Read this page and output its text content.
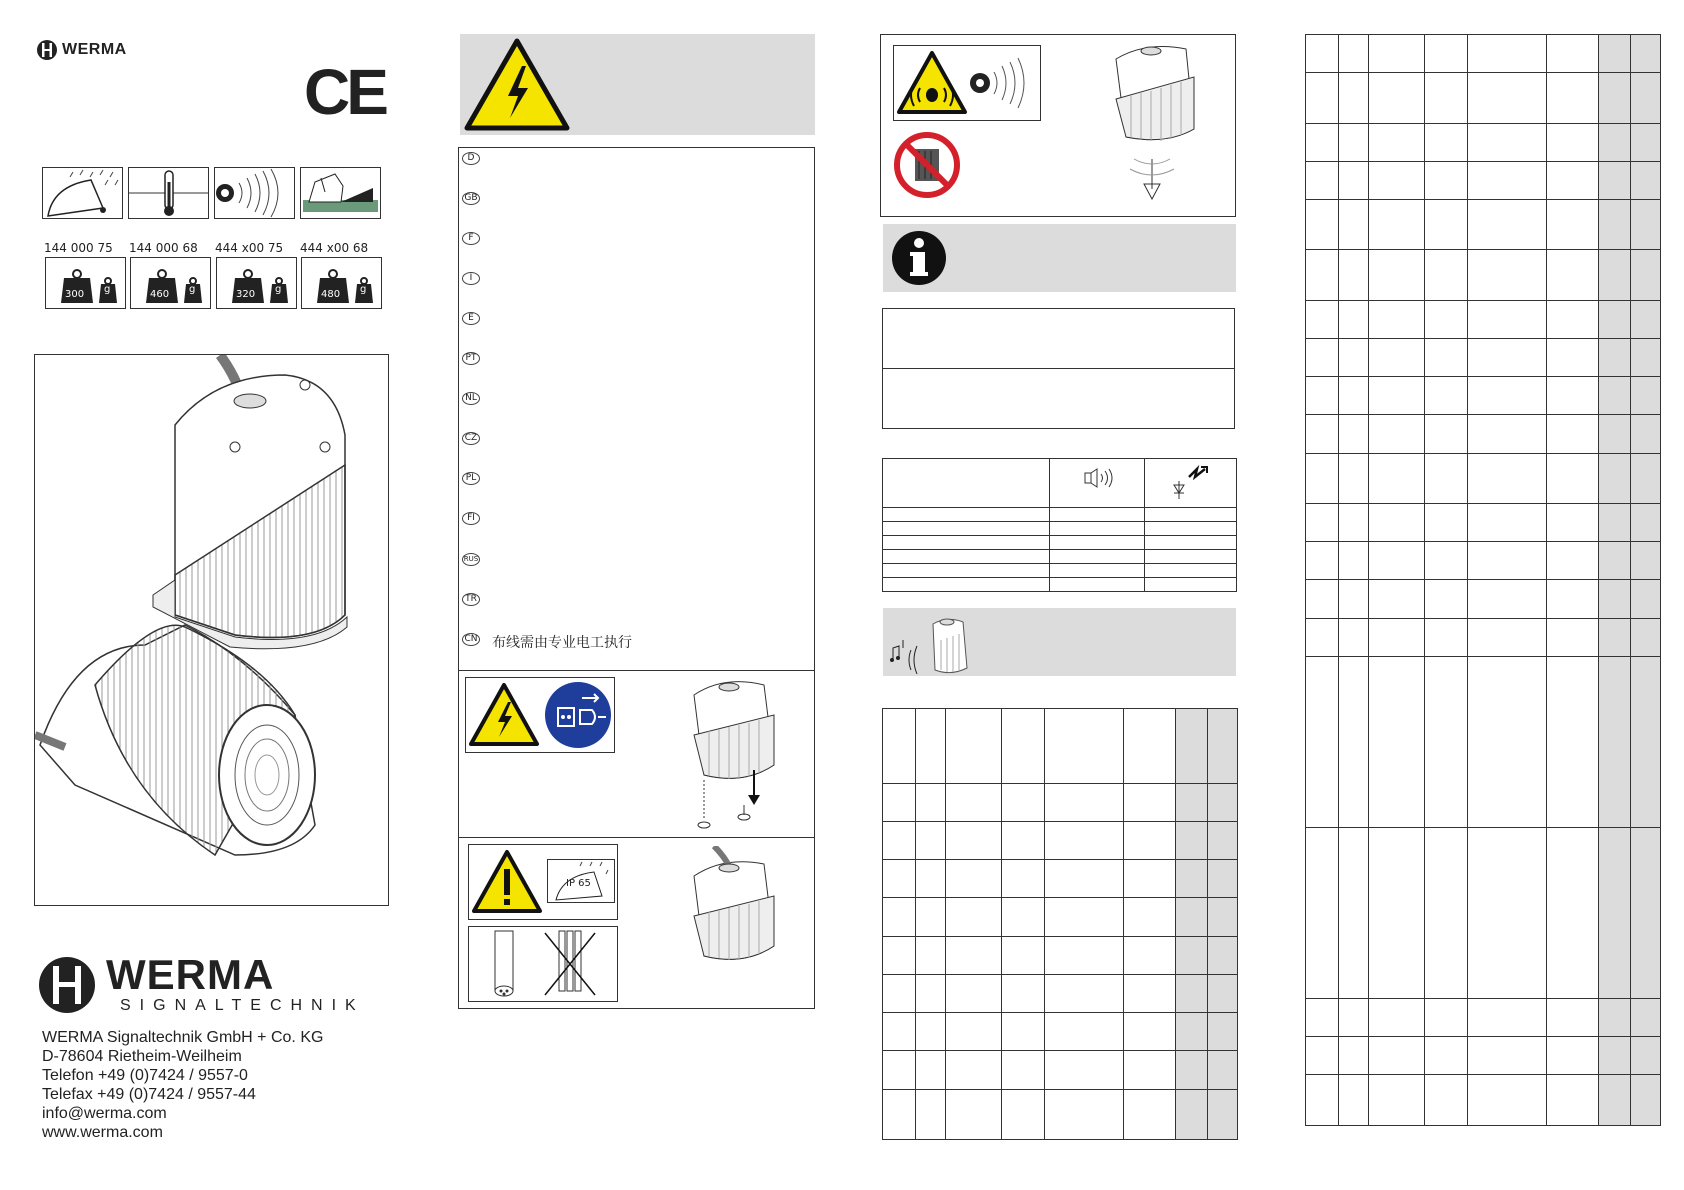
WERMA
CE
144 000 75 144 000 68 444 x00 75 444 x00 68
300 g	460 g	320 g	480 g
WERMA
SIGNALTECHNIK
WERMA Signaltechnik GmbH + Co. KG
D-78604 Rietheim-Weilheim
Telefon +49 (0)7424 / 9557-0
Telefax +49 (0)7424 / 9557-44
info@werma.com
www.werma.com
D
GB
F
I
E
PT
NL
CZ
PL
FI
RUS
TR
CN 布线需由专业电工执行
IP 65
